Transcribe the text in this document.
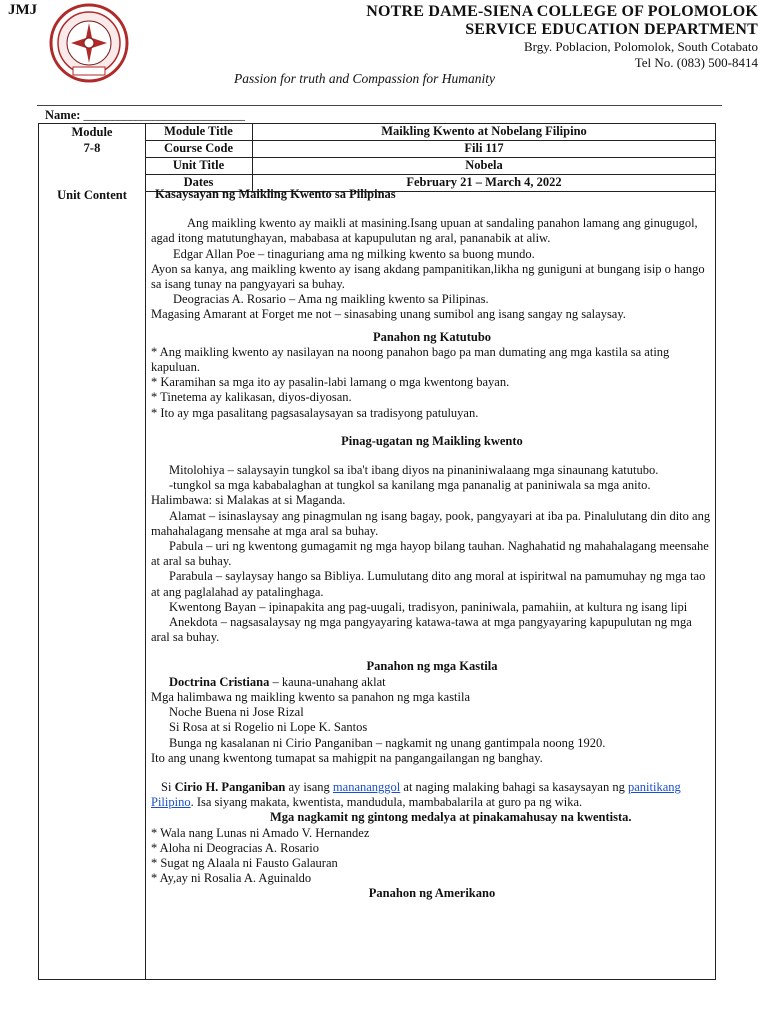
JMJ	NOTRE DAME-SIENA COLLEGE OF POLOMOLOK
SERVICE EDUCATION DEPARTMENT
Brgy. Poblacion, Polomolok, South Cotabato
Tel No. (083) 500-8414
Passion for truth and Compassion for Humanity
Name: ____________________________
Module
7-8
Module Title	Maikling Kwento at Nobelang Filipino
Course Code	Fili 117
Unit Title	Nobela
Dates	February 21 – March 4, 2022
Unit Content	Kasaysayan ng Maikling Kwento sa Pilipinas

Ang maikling kwento ay maikli at masining.Isang upuan at sandaling panahon lamang ang ginugugol, agad itong matutunghayan, mababasa at kapupulutan ng aral, pananabik at aliw.

Edgar Allan Poe – tinaguriang ama ng milking kwento sa buong mundo.

Ayon sa kanya, ang maikling kwento ay isang akdang pampanitikan,likha ng guniguni at bungang isip o hango sa isang tunay na pangyayari sa buhay.

Deogracias A. Rosario – Ama ng maikling kwento sa Pilipinas.

Magasing Amarant at Forget me not – sinasabing unang sumibol ang isang sangay ng salaysay.

Panahon ng Katutubo

* Ang maikling kwento ay nasilayan na noong panahon bago pa man dumating ang mga kastila sa ating kapuluan.

* Karamihan sa mga ito ay pasalin-labi lamang o mga kwentong bayan.

* Tinetema ay kalikasan, diyos-diyosan.

* Ito ay mga pasalitang pagsasalaysayan sa tradisyong patuluyan.

Pinag-ugatan ng Maikling kwento

Mitolohiya – salaysayin tungkol sa iba't ibang diyos na pinaniniwalaang mga sinaunang katutubo.

-tungkol sa mga kababalaghan at tungkol sa kanilang mga pananalig at paniniwala sa mga anito.

Halimbawa: si Malakas at si Maganda.

Alamat – isinaslaysay ang pinagmulan ng isang bagay, pook, pangyayari at iba pa. Pinalulutang din dito ang mahahalagang mensahe at mga aral sa buhay.

Pabula – uri ng kwentong gumagamit ng mga hayop bilang tauhan. Naghahatid ng mahahalagang meensahe at aral sa buhay.

Parabula – saylaysay hango sa Bibliya. Lumulutang dito ang moral at ispiritwal na pamumuhay ng mga tao at ang paglalahad ay patalinghaga.

Kwentong Bayan – ipinapakita ang pag-uugali, tradisyon, paniniwala, pamahiin, at kultura ng isang lipi

Anekdota – nagsasalaysay ng mga pangyayaring katawa-tawa at mga pangyayaring kapupulutan ng mga aral sa buhay.

Panahon ng mga Kastila

Doctrina Cristiana – kauna-unahang aklat

Mga halimbawa ng maikling kwento sa panahon ng mga kastila

Noche Buena ni Jose Rizal

Si Rosa at si Rogelio ni Lope K. Santos

Bunga ng kasalanan ni Cirio Panganiban – nagkamit ng unang gantimpala noong 1920.

Ito ang unang kwentong tumapat sa mahigpit na pangangailangan ng banghay.

Si Cirio H. Panganiban ay isang manananggol at naging malaking bahagi sa kasaysayan ng panitikang Pilipino. Isa siyang makata, kwentista, mandudula, mambabalarila at guro pa ng wika.

Mga nagkamit ng gintong medalya at pinakamahusay na kwentista.

* Wala nang Lunas ni Amado V. Hernandez

* Aloha ni Deogracias A. Rosario

* Sugat ng Alaala ni Fausto Galauran

* Ay,ay ni Rosalia A. Aguinaldo

Panahon ng Amerikano
